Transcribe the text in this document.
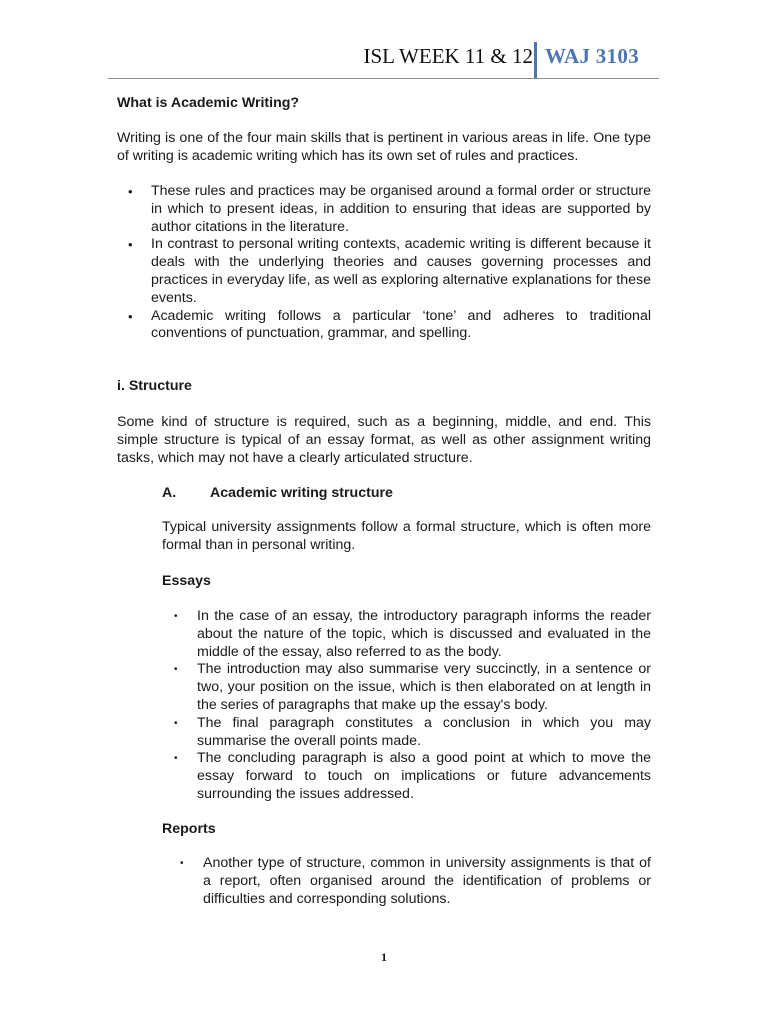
ISL WEEK 11 & 12 WAJ 3103
What is Academic Writing?

Writing is one of the four main skills that is pertinent in various areas in life. One type of writing is academic writing which has its own set of rules and practices.

• These rules and practices may be organised around a formal order or structure in which to present ideas, in addition to ensuring that ideas are supported by author citations in the literature.
• In contrast to personal writing contexts, academic writing is different because it deals with the underlying theories and causes governing processes and practices in everyday life, as well as exploring alternative explanations for these events.
• Academic writing follows a particular ‘tone’ and adheres to traditional conventions of punctuation, grammar, and spelling.
i. Structure

Some kind of structure is required, such as a beginning, middle, and end. This simple structure is typical of an essay format, as well as other assignment writing tasks, which may not have a clearly articulated structure.

A. Academic writing structure

Typical university assignments follow a formal structure, which is often more formal than in personal writing.

Essays
• In the case of an essay, the introductory paragraph informs the reader about the nature of the topic, which is discussed and evaluated in the middle of the essay, also referred to as the body.
• The introduction may also summarise very succinctly, in a sentence or two, your position on the issue, which is then elaborated on at length in the series of paragraphs that make up the essay's body.
• The final paragraph constitutes a conclusion in which you may summarise the overall points made.
• The concluding paragraph is also a good point at which to move the essay forward to touch on implications or future advancements surrounding the issues addressed.
Reports
• Another type of structure, common in university assignments is that of a report, often organised around the identification of problems or difficulties and corresponding solutions.
1
